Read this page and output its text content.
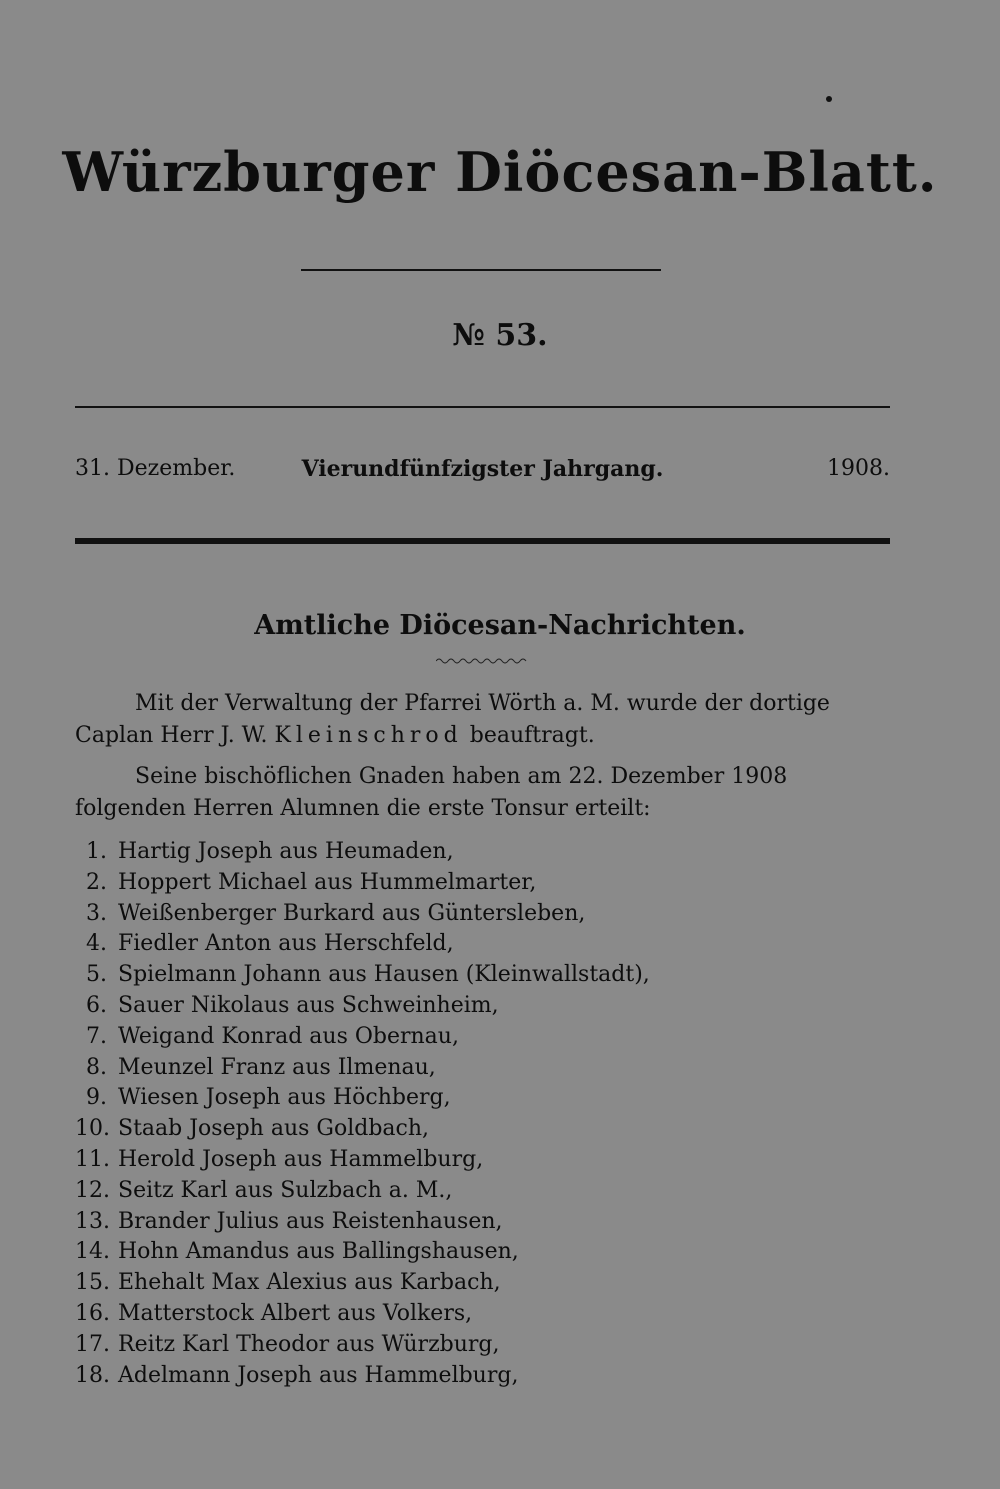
Würzburger Diöcesan-Blatt.
№ 53.
31. Dezember.	Vierundfünfzigster Jahrgang.	1908.
Amtliche Diöcesan-Nachrichten.
Mit der Verwaltung der Pfarrei Wörth a. M. wurde der dortige Caplan Herr J. W. Kleinschrod beauftragt.
Seine bischöflichen Gnaden haben am 22. Dezember 1908 folgenden Herren Alumnen die erste Tonsur erteilt:
1. Hartig Joseph aus Heumaden,
2. Hoppert Michael aus Hummelmarter,
3. Weißenberger Burkard aus Güntersleben,
4. Fiedler Anton aus Herschfeld,
5. Spielmann Johann aus Hausen (Kleinwallstadt),
6. Sauer Nikolaus aus Schweinheim,
7. Weigand Konrad aus Obernau,
8. Meunzel Franz aus Ilmenau,
9. Wiesen Joseph aus Höchberg,
10. Staab Joseph aus Goldbach,
11. Herold Joseph aus Hammelburg,
12. Seitz Karl aus Sulzbach a. M.,
13. Brander Julius aus Reistenhausen,
14. Hohn Amandus aus Ballingshausen,
15. Ehehalt Max Alexius aus Karbach,
16. Matterstock Albert aus Volkers,
17. Reitz Karl Theodor aus Würzburg,
18. Adelmann Joseph aus Hammelburg,
